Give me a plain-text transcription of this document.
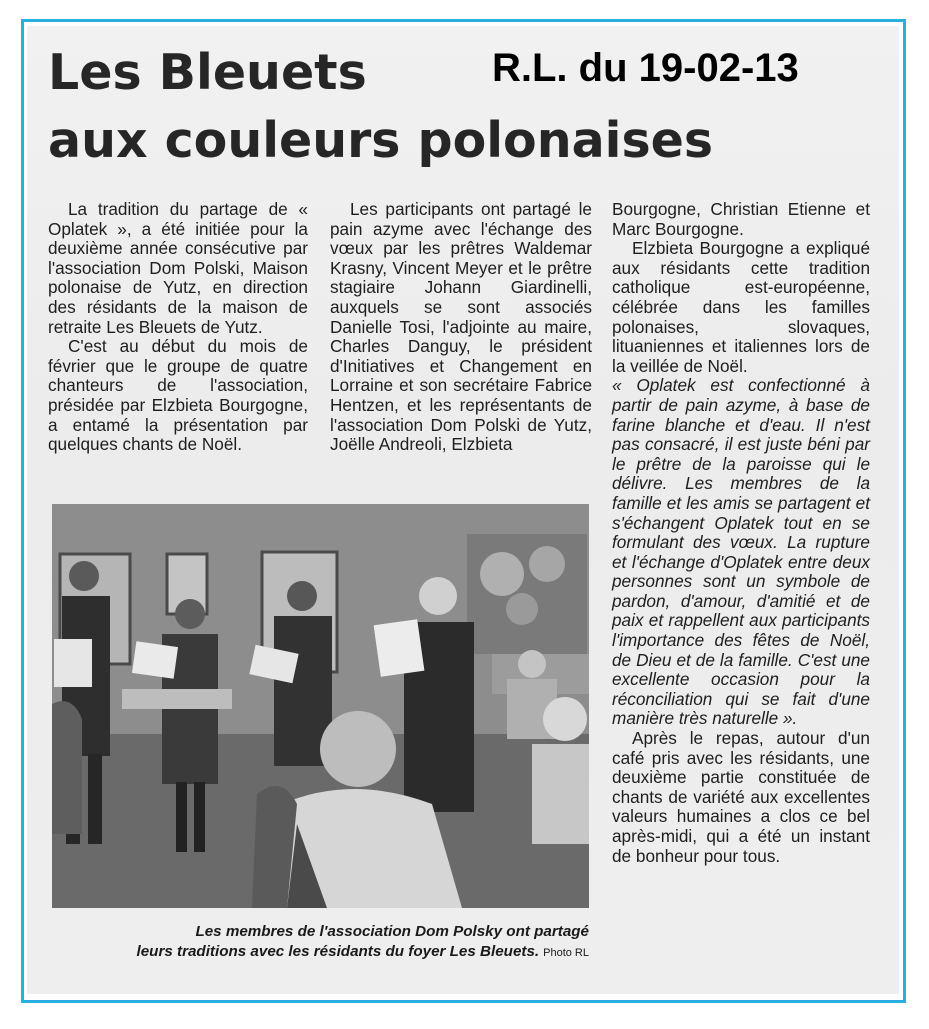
Les Bleuets
aux couleurs polonaises
R.L. du 19-02-13

La tradition du partage de « Oplatek », a été initiée pour la deuxième année consécutive par l'association Dom Polski, Maison polonaise de Yutz, en direction des résidants de la maison de retraite Les Bleuets de Yutz.

C'est au début du mois de février que le groupe de quatre chanteurs de l'association, présidée par Elzbieta Bourgogne, a entamé la présentation par quelques chants de Noël.

Les participants ont partagé le pain azyme avec l'échange des vœux par les prêtres Waldemar Krasny, Vincent Meyer et le prêtre stagiaire Johann Giardinelli, auxquels se sont associés Danielle Tosi, l'adjointe au maire, Charles Danguy, le président d'Initiatives et Changement en Lorraine et son secrétaire Fabrice Hentzen, et les représentants de l'association Dom Polski de Yutz, Joëlle Andreoli, Elzbieta

Bourgogne, Christian Etienne et Marc Bourgogne.

Elzbieta Bourgogne a expliqué aux résidants cette tradition catholique est-européenne, célébrée dans les familles polonaises, slovaques, lituaniennes et italiennes lors de la veillée de Noël.

« Oplatek est confectionné à partir de pain azyme, à base de farine blanche et d'eau. Il n'est pas consacré, il est juste béni par le prêtre de la paroisse qui le délivre. Les membres de la famille et les amis se partagent et s'échangent Oplatek tout en se formulant des vœux. La rupture et l'échange d'Oplatek entre deux personnes sont un symbole de pardon, d'amour, d'amitié et de paix et rappellent aux participants l'importance des fêtes de Noël, de Dieu et de la famille. C'est une excellente occasion pour la réconciliation qui se fait d'une manière très naturelle ».

Après le repas, autour d'un café pris avec les résidants, une deuxième partie constituée de chants de variété aux excellentes valeurs humaines a clos ce bel après-midi, qui a été un instant de bonheur pour tous.

Les membres de l'association Dom Polsky ont partagé
leurs traditions avec les résidants du foyer Les Bleuets. Photo RL
